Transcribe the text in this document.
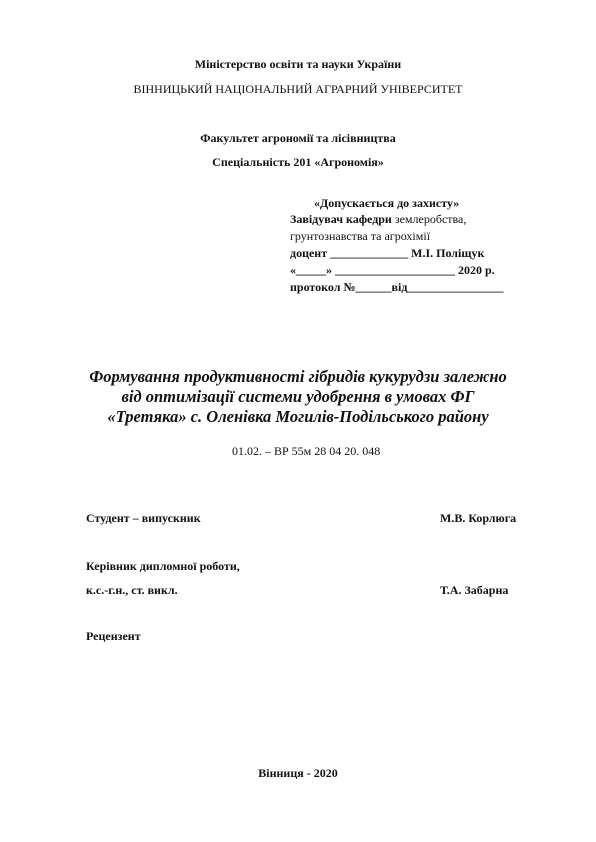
Міністерство освіти та науки України
ВІННИЦЬКИЙ НАЦІОНАЛЬНИЙ АГРАРНИЙ УНІВЕРСИТЕТ
Факультет агрономії та лісівництва
Спеціальність 201 «Агрономія»
«Допускається до захисту»
Завідувач кафедри землеробства,
грунтознавства та агрохімії
доцент _____________ М.І. Поліщук
«_____» ____________________ 2020 р.
протокол №______від________________
Формування продуктивності гібридів кукурудзи залежно
від оптимізації системи удобрення в умовах ФГ
«Третяка» с. Оленівка Могилів-Подільського району
01.02. – ВР 55м 28 04 20. 048
Студент – випускник	М.В. Корлюга
Керівник дипломної роботи,
к.с.-г.н., ст. викл.	Т.А. Забарна
Рецензент
Вінниця - 2020
